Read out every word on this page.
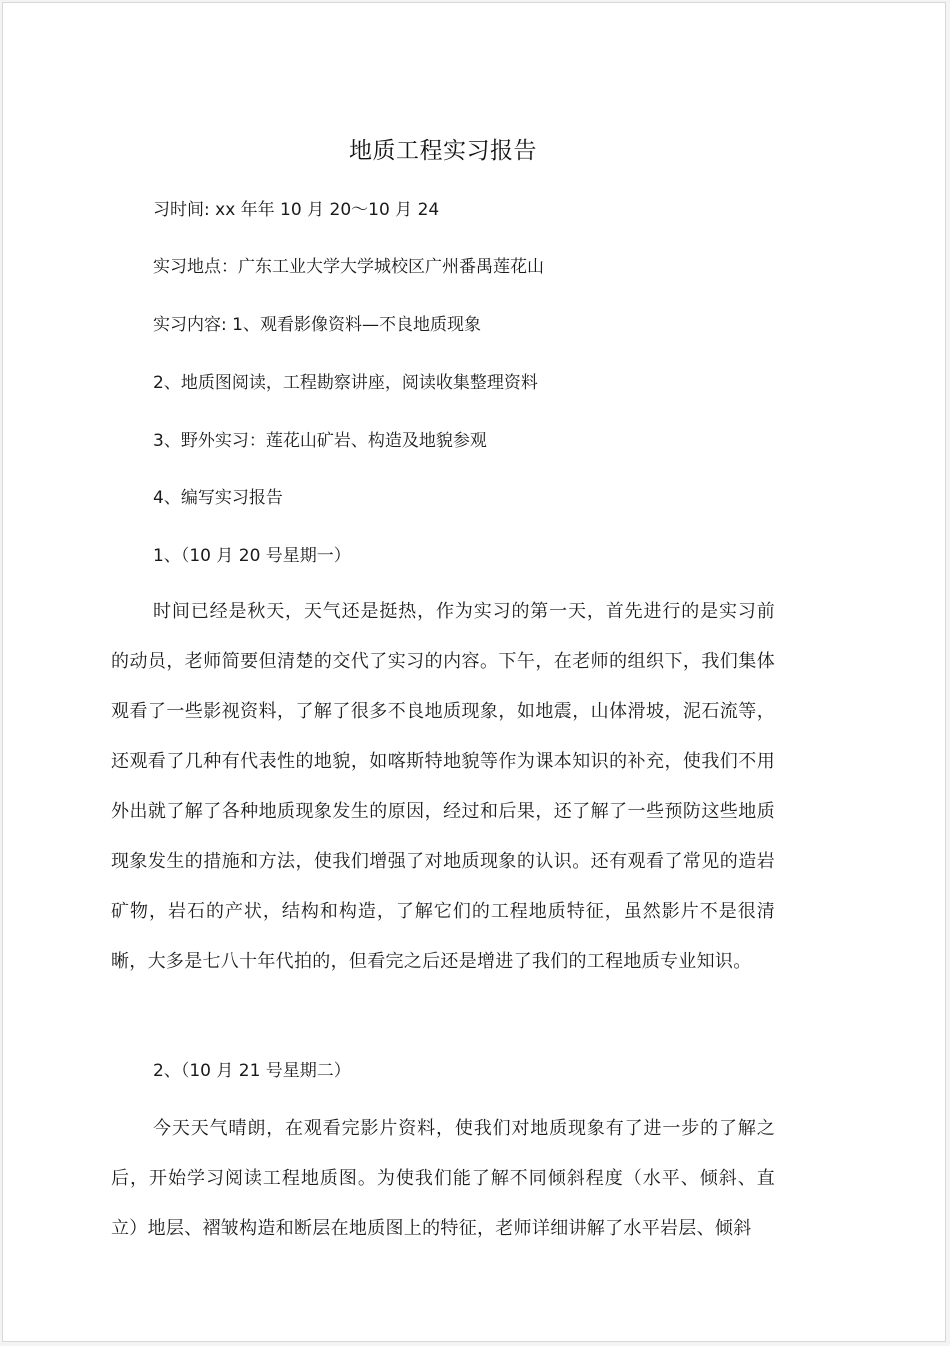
地质工程实习报告
习时间: xx 年年 10 月 20～10 月 24
实习地点：广东工业大学大学城校区广州番禺莲花山
实习内容: 1、观看影像资料—不良地质现象
2、地质图阅读，工程勘察讲座，阅读收集整理资料
3、野外实习：莲花山矿岩、构造及地貌参观
4、编写实习报告
1、（10 月 20 号星期一）
时间已经是秋天，天气还是挺热，作为实习的第一天，首先进行的是实习前的动员，老师简要但清楚的交代了实习的内容。下午，在老师的组织下，我们集体观看了一些影视资料，了解了很多不良地质现象，如地震，山体滑坡，泥石流等，还观看了几种有代表性的地貌，如喀斯特地貌等作为课本知识的补充，使我们不用外出就了解了各种地质现象发生的原因，经过和后果，还了解了一些预防这些地质现象发生的措施和方法，使我们增强了对地质现象的认识。还有观看了常见的造岩矿物，岩石的产状，结构和构造，了解它们的工程地质特征，虽然影片不是很清晰，大多是七八十年代拍的，但看完之后还是增进了我们的工程地质专业知识。
2、（10 月 21 号星期二）
今天天气晴朗，在观看完影片资料，使我们对地质现象有了进一步的了解之后，开始学习阅读工程地质图。为使我们能了解不同倾斜程度（水平、倾斜、直立）地层、褶皱构造和断层在地质图上的特征，老师详细讲解了水平岩层、倾斜
